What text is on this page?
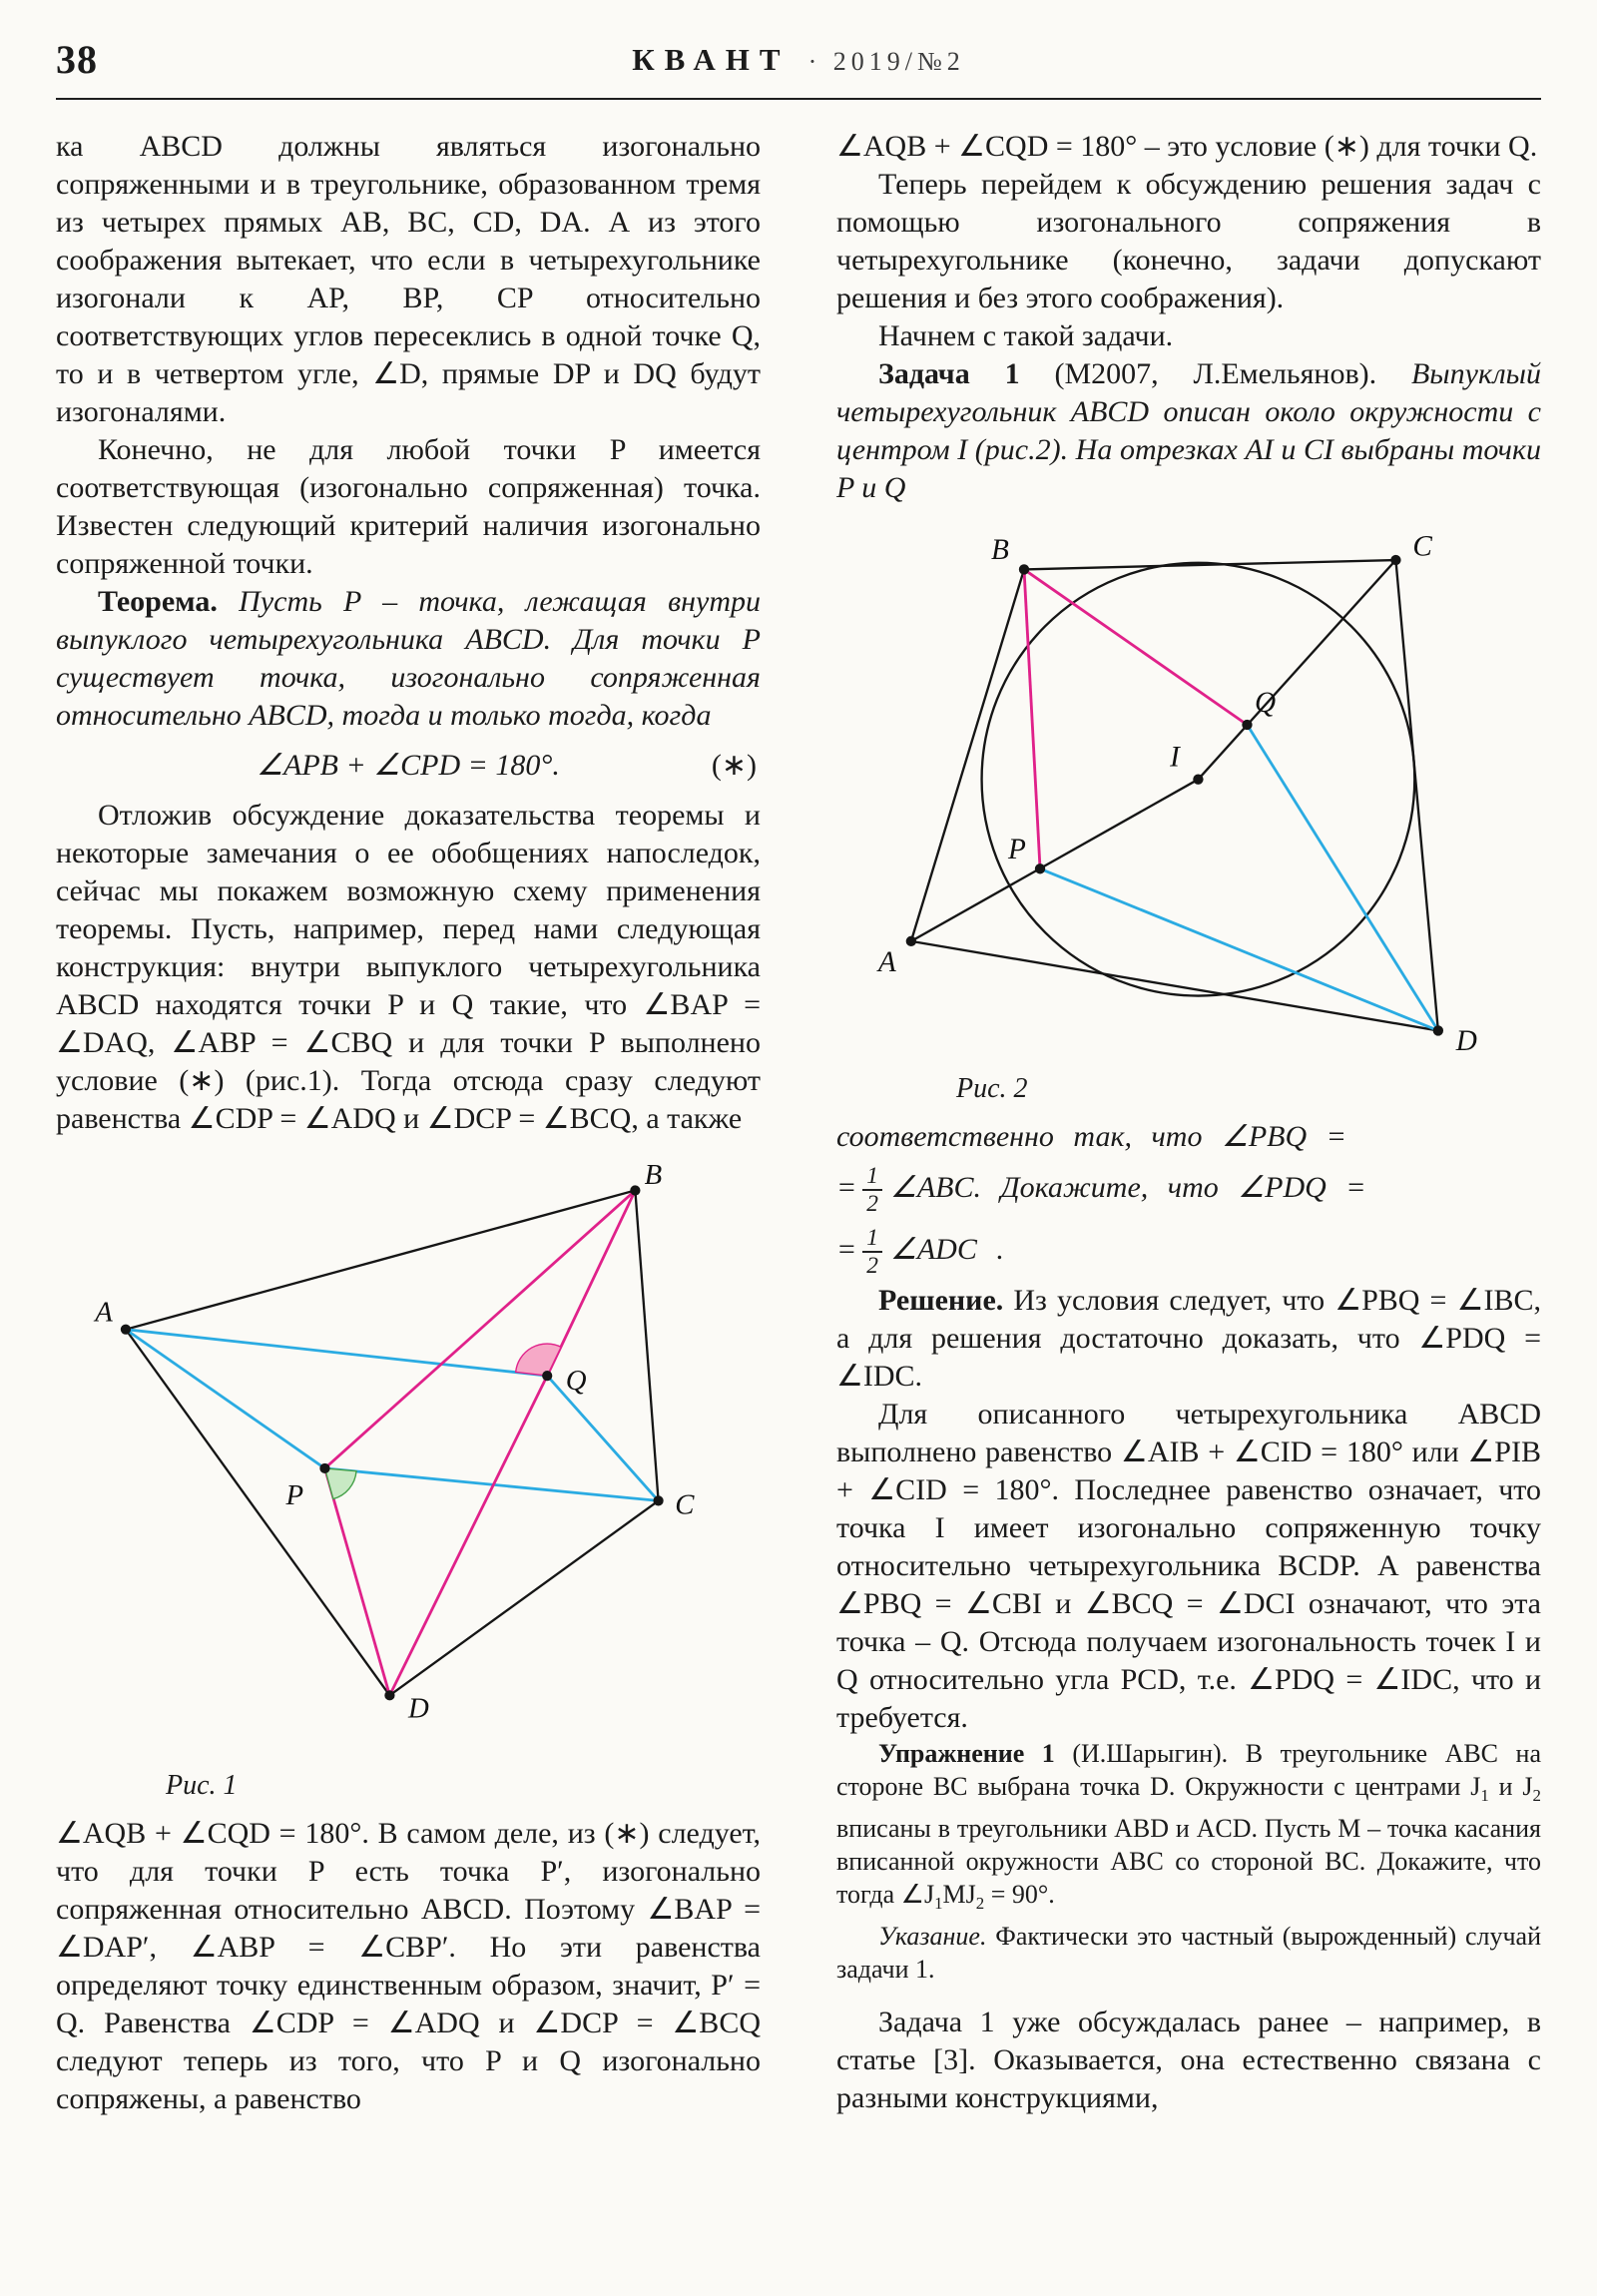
38	КВАНТ · 2019/№2

ка ABCD должны являться изогонально сопряженными и в треугольнике, образованном тремя из четырех прямых AB, BC, CD, DA. А из этого соображения вытекает, что если в четырехугольнике изогонали к AP, BP, CP относительно соответствующих углов пересеклись в одной точке Q, то и в четвертом угле, ∠D, прямые DP и DQ будут изогоналями.

Конечно, не для любой точки P имеется соответствующая (изогонально сопряженная) точка. Известен следующий критерий наличия изогонально сопряженной точки.

Теорема. Пусть P – точка, лежащая внутри выпуклого четырехугольника ABCD. Для точки P существует точка, изогонально сопряженная относительно ABCD, тогда и только тогда, когда

∠APB + ∠CPD = 180°.	(∗)

Отложив обсуждение доказательства теоремы и некоторые замечания о ее обобщениях напоследок, сейчас мы покажем возможную схему применения теоремы. Пусть, например, перед нами следующая конструкция: внутри выпуклого четырехугольника ABCD находятся точки P и Q такие, что ∠BAP = ∠DAQ, ∠ABP = ∠CBQ и для точки P выполнено условие (∗) (рис.1). Тогда отсюда сразу следуют равенства ∠CDP = ∠ADQ и ∠DCP = ∠BCQ, а также

A
B
C
D
P
Q
Рис. 1

∠AQB + ∠CQD = 180°. В самом деле, из (∗) следует, что для точки P есть точка P′, изогонально сопряженная относительно ABCD. Поэтому ∠BAP = ∠DAP′, ∠ABP = ∠CBP′. Но эти равенства определяют точку единственным образом, значит, P′ = Q. Равенства ∠CDP = ∠ADQ и ∠DCP = ∠BCQ следуют теперь из того, что P и Q изогонально сопряжены, а равенство

∠AQB + ∠CQD = 180° – это условие (∗) для точки Q.

Теперь перейдем к обсуждению решения задач с помощью изогонального сопряжения в четырехугольнике (конечно, задачи допускают решения и без этого соображения).

Начнем с такой задачи.

Задача 1 (М2007, Л.Емельянов). Выпуклый четырехугольник ABCD описан около окружности с центром I (рис.2). На отрезках AI и CI выбраны точки P и Q

A
B	C
D
P
Q
I
Рис. 2
соответственно так, что ∠PBQ =
= $\frac{1}{2}$ ∠ABC. Докажите, что ∠PDQ =
= $\frac{1}{2}$ ∠ADC .

Решение. Из условия следует, что ∠PBQ = ∠IBC, а для решения достаточно доказать, что ∠PDQ = ∠IDC.

Для описанного четырехугольника ABCD выполнено равенство ∠AIB + ∠CID = 180° или ∠PIB + ∠CID = 180°. Последнее равенство означает, что точка I имеет изогонально сопряженную точку относительно четырехугольника BCDP. А равенства ∠PBQ = ∠CBI и ∠BCQ = ∠DCI означают, что эта точка – Q. Отсюда получаем изогональность точек I и Q относительно угла PCD, т.е. ∠PDQ = ∠IDC, что и требуется.

Упражнение 1 (И.Шарыгин). В треугольнике ABC на стороне BC выбрана точка D. Окружности с центрами $J_1$ и $J_2$ вписаны в треугольники ABD и ACD. Пусть M – точка касания вписанной окружности ABC со стороной BC. Докажите, что тогда $\angle J_1MJ_2 = 90^\circ$.

Указание. Фактически это частный (вырожденный) случай задачи 1.

Задача 1 уже обсуждалась ранее – например, в статье [3]. Оказывается, она естественно связана с разными конструкциями,
